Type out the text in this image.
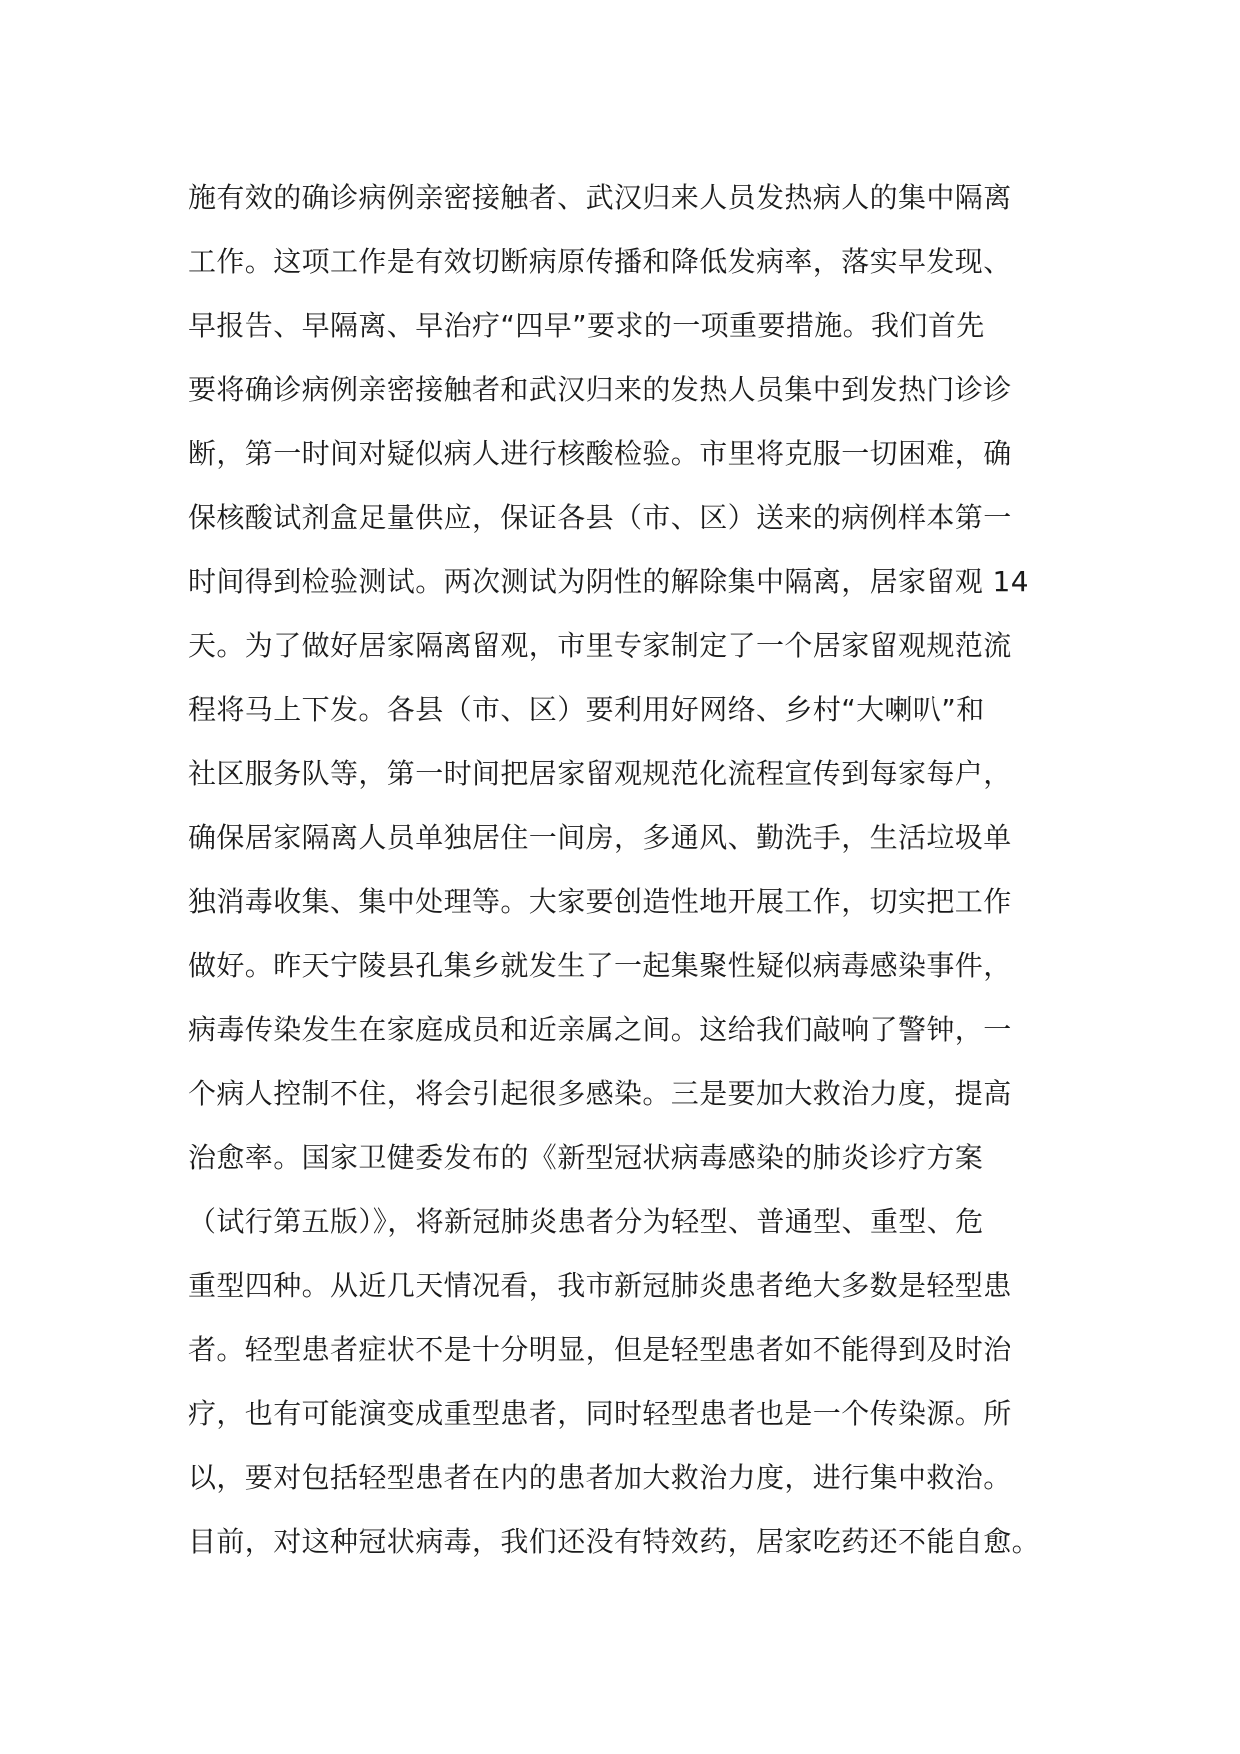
施有效的确诊病例亲密接触者、武汉归来人员发热病人的集中隔离
工作。这项工作是有效切断病原传播和降低发病率，落实早发现、
早报告、早隔离、早治疗“四早”要求的一项重要措施。我们首先
要将确诊病例亲密接触者和武汉归来的发热人员集中到发热门诊诊
断，第一时间对疑似病人进行核酸检验。市里将克服一切困难，确
保核酸试剂盒足量供应，保证各县（市、区）送来的病例样本第一
时间得到检验测试。两次测试为阴性的解除集中隔离，居家留观 14
天。为了做好居家隔离留观，市里专家制定了一个居家留观规范流
程将马上下发。各县（市、区）要利用好网络、乡村“大喇叭”和
社区服务队等，第一时间把居家留观规范化流程宣传到每家每户，
确保居家隔离人员单独居住一间房，多通风、勤洗手，生活垃圾单
独消毒收集、集中处理等。大家要创造性地开展工作，切实把工作
做好。昨天宁陵县孔集乡就发生了一起集聚性疑似病毒感染事件，
病毒传染发生在家庭成员和近亲属之间。这给我们敲响了警钟，一
个病人控制不住，将会引起很多感染。三是要加大救治力度，提高
治愈率。国家卫健委发布的《新型冠状病毒感染的肺炎诊疗方案
（试行第五版）》，将新冠肺炎患者分为轻型、普通型、重型、危
重型四种。从近几天情况看，我市新冠肺炎患者绝大多数是轻型患
者。轻型患者症状不是十分明显，但是轻型患者如不能得到及时治
疗，也有可能演变成重型患者，同时轻型患者也是一个传染源。所
以，要对包括轻型患者在内的患者加大救治力度，进行集中救治。
目前，对这种冠状病毒，我们还没有特效药，居家吃药还不能自愈。
